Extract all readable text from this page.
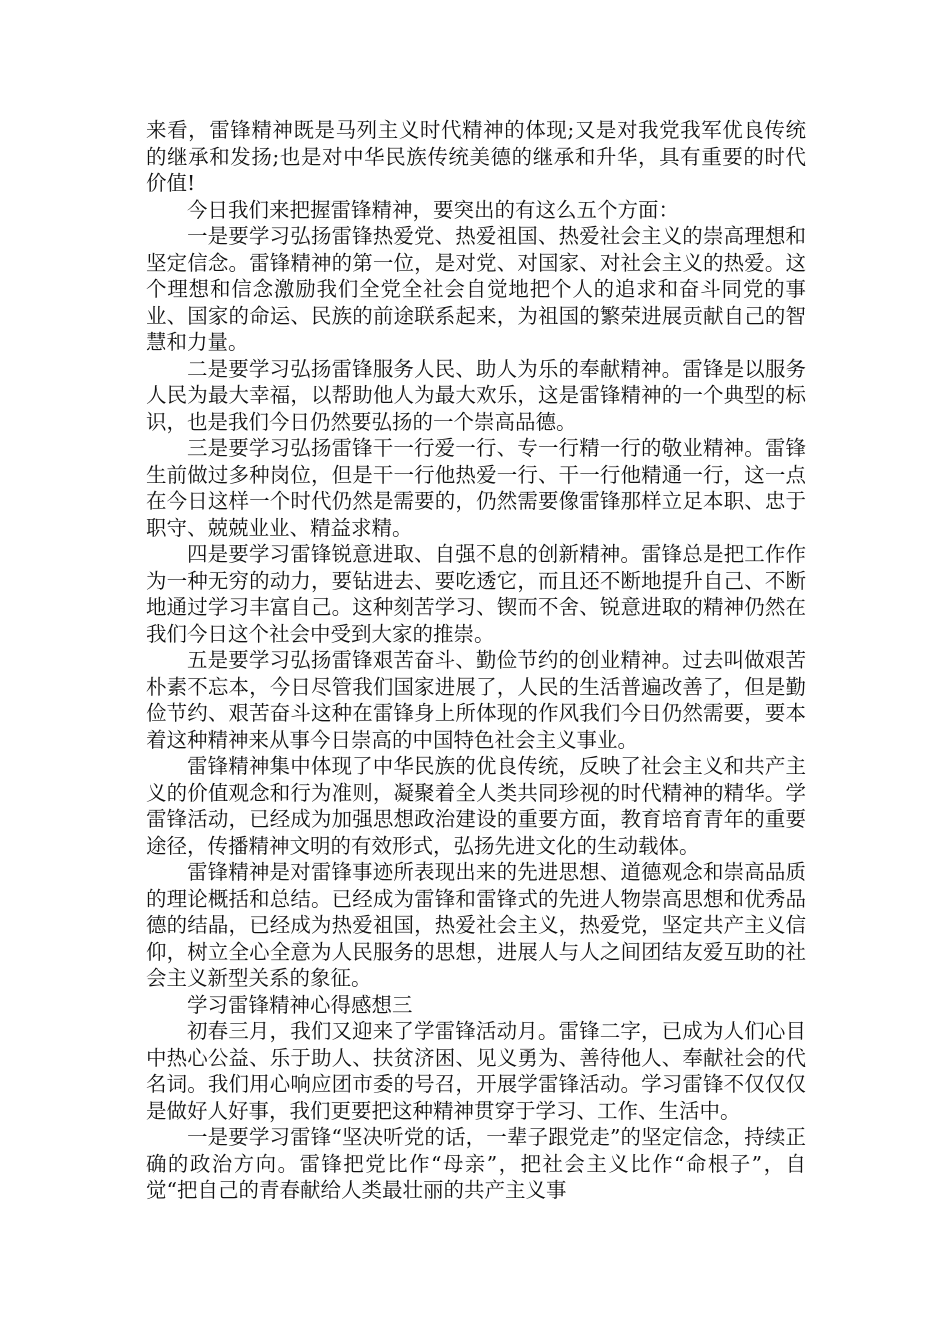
来看，雷锋精神既是马列主义时代精神的体现;又是对我党我军优良传统的继承和发扬;也是对中华民族传统美德的继承和升华，具有重要的时代价值!

今日我们来把握雷锋精神，要突出的有这么五个方面：

一是要学习弘扬雷锋热爱党、热爱祖国、热爱社会主义的崇高理想和坚定信念。雷锋精神的第一位，是对党、对国家、对社会主义的热爱。这个理想和信念激励我们全党全社会自觉地把个人的追求和奋斗同党的事业、国家的命运、民族的前途联系起来，为祖国的繁荣进展贡献自己的智慧和力量。

二是要学习弘扬雷锋服务人民、助人为乐的奉献精神。雷锋是以服务人民为最大幸福，以帮助他人为最大欢乐，这是雷锋精神的一个典型的标识，也是我们今日仍然要弘扬的一个崇高品德。

三是要学习弘扬雷锋干一行爱一行、专一行精一行的敬业精神。雷锋生前做过多种岗位，但是干一行他热爱一行、干一行他精通一行，这一点在今日这样一个时代仍然是需要的，仍然需要像雷锋那样立足本职、忠于职守、兢兢业业、精益求精。

四是要学习雷锋锐意进取、自强不息的创新精神。雷锋总是把工作作为一种无穷的动力，要钻进去、要吃透它，而且还不断地提升自己、不断地通过学习丰富自己。这种刻苦学习、锲而不舍、锐意进取的精神仍然在我们今日这个社会中受到大家的推崇。

五是要学习弘扬雷锋艰苦奋斗、勤俭节约的创业精神。过去叫做艰苦朴素不忘本，今日尽管我们国家进展了，人民的生活普遍改善了，但是勤俭节约、艰苦奋斗这种在雷锋身上所体现的作风我们今日仍然需要，要本着这种精神来从事今日崇高的中国特色社会主义事业。

雷锋精神集中体现了中华民族的优良传统，反映了社会主义和共产主义的价值观念和行为准则，凝聚着全人类共同珍视的时代精神的精华。学雷锋活动，已经成为加强思想政治建设的重要方面，教育培育青年的重要途径，传播精神文明的有效形式，弘扬先进文化的生动载体。

雷锋精神是对雷锋事迹所表现出来的先进思想、道德观念和崇高品质的理论概括和总结。已经成为雷锋和雷锋式的先进人物崇高思想和优秀品德的结晶，已经成为热爱祖国，热爱社会主义，热爱党，坚定共产主义信仰，树立全心全意为人民服务的思想，进展人与人之间团结友爱互助的社会主义新型关系的象征。

学习雷锋精神心得感想三

初春三月，我们又迎来了学雷锋活动月。雷锋二字，已成为人们心目中热心公益、乐于助人、扶贫济困、见义勇为、善待他人、奉献社会的代名词。我们用心响应团市委的号召，开展学雷锋活动。学习雷锋不仅仅仅是做好人好事，我们更要把这种精神贯穿于学习、工作、生活中。

一是要学习雷锋“坚决听党的话，一辈子跟党走”的坚定信念，持续正确的政治方向。雷锋把党比作“母亲”，把社会主义比作“命根子”，自觉“把自己的青春献给人类最壮丽的共产主义事
